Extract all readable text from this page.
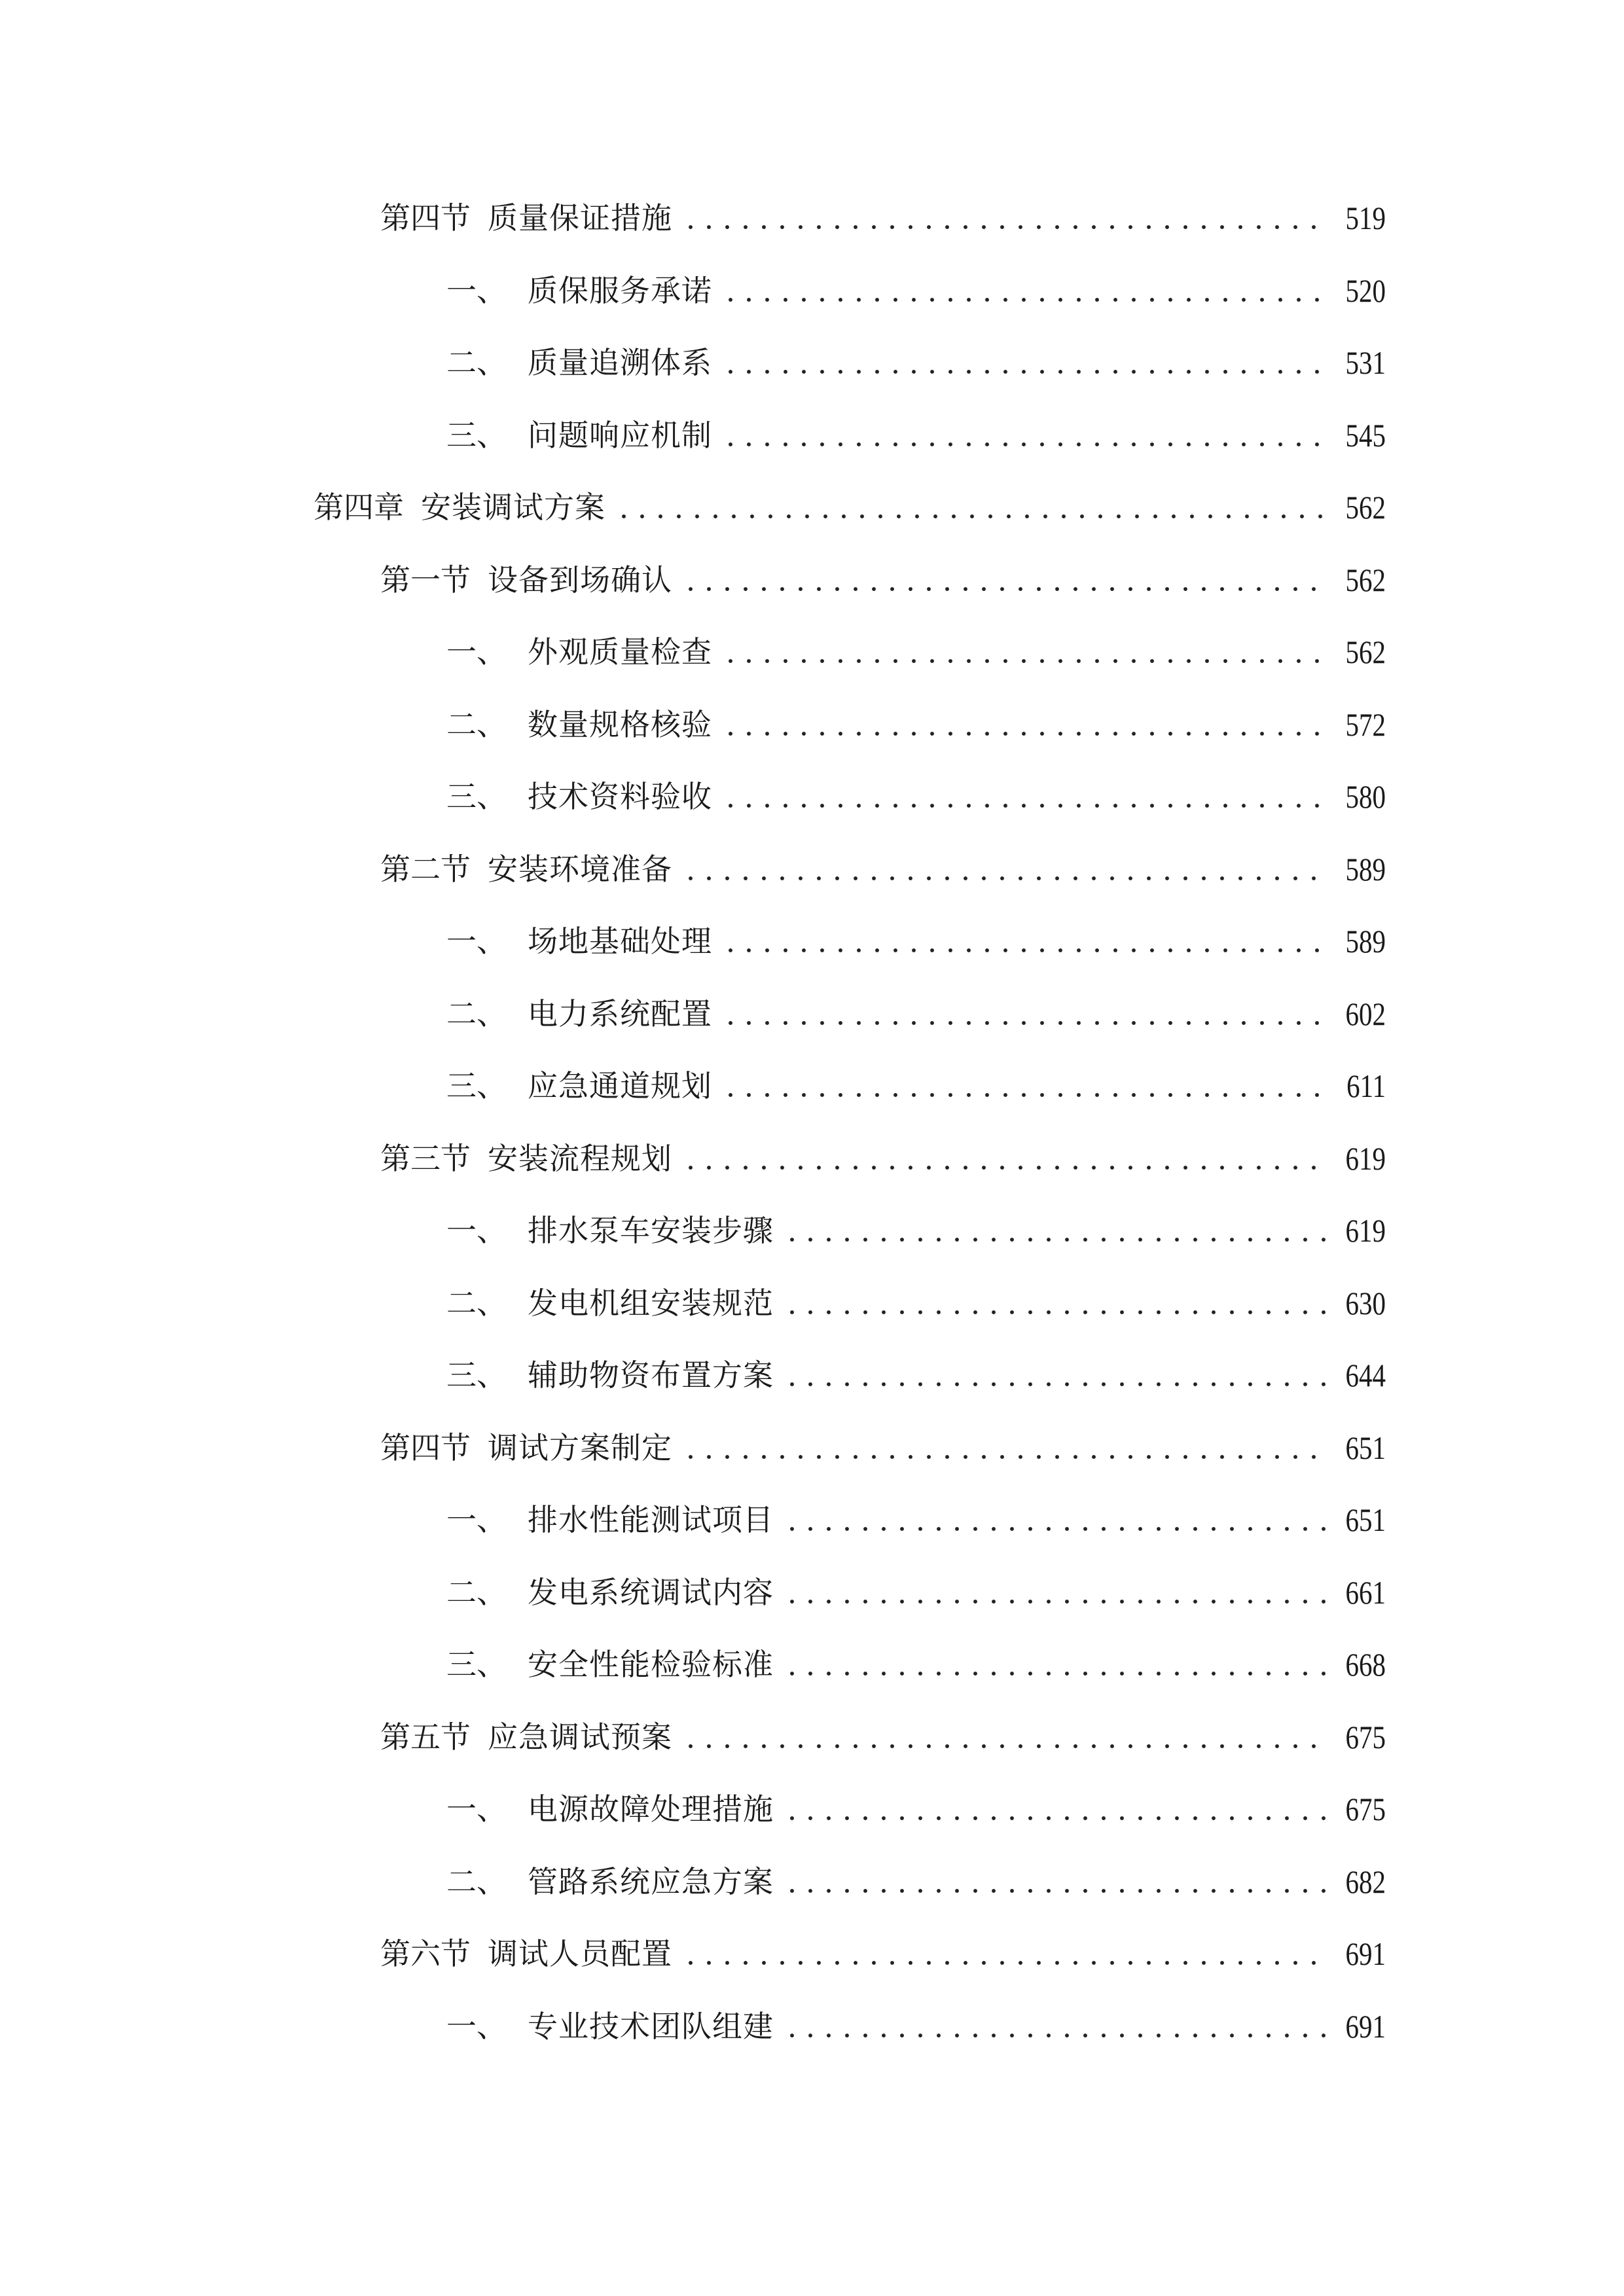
第四节 质量保证措施	519
一、 质保服务承诺	520
二、 质量追溯体系	531
三、 问题响应机制	545
第四章 安装调试方案	562
第一节 设备到场确认	562
一、 外观质量检查	562
二、 数量规格核验	572
三、 技术资料验收	580
第二节 安装环境准备	589
一、 场地基础处理	589
二、 电力系统配置	602
三、 应急通道规划	611
第三节 安装流程规划	619
一、 排水泵车安装步骤	619
二、 发电机组安装规范	630
三、 辅助物资布置方案	644
第四节 调试方案制定	651
一、 排水性能测试项目	651
二、 发电系统调试内容	661
三、 安全性能检验标准	668
第五节 应急调试预案	675
一、 电源故障处理措施	675
二、 管路系统应急方案	682
第六节 调试人员配置	691
一、 专业技术团队组建	691
